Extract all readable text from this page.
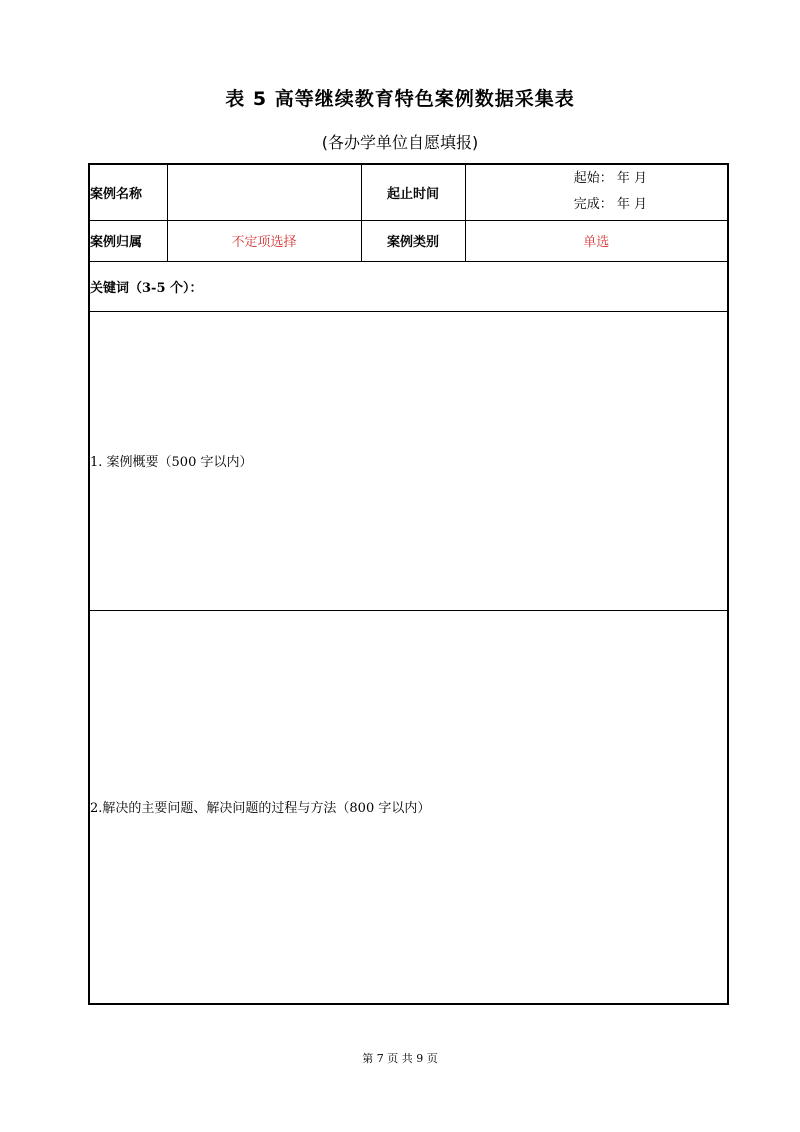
表 5 高等继续教育特色案例数据采集表
(各办学单位自愿填报)
案例名称		起止时间	起始： 年 月
完成： 年 月

案例归属	不定项选择	案例类别	单选
关键词（3-5 个）：			
1. 案例概要（500 字以内）			
2.解决的主要问题、解决问题的过程与方法（800 字以内）			
第 7 页 共 9 页
